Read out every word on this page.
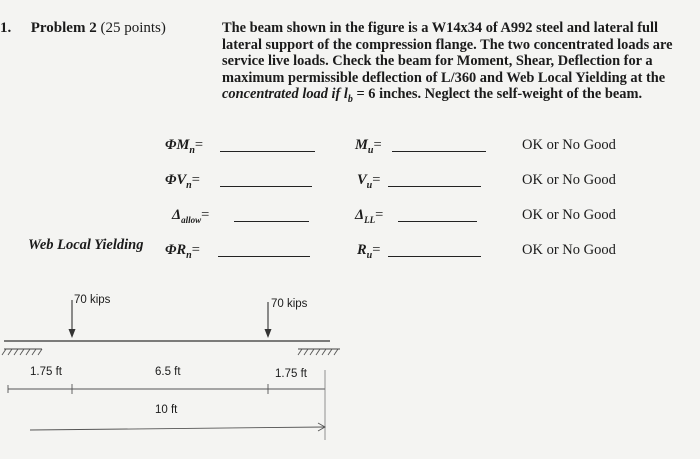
1. Problem 2 (25 points)	The beam shown in the figure is a W14x34 of A992 steel and lateral full
lateral support of the compression flange. The two concentrated loads are
service live loads. Check the beam for Moment, Shear, Deflection for a
maximum permissible deflection of L/360 and Web Local Yielding at the
concentrated load if $l_b = 6$ inches. Neglect the self-weight of the beam.
$\Phi M_n=$	$M_u=$	OK or No Good
$\Phi V_n=$	$V_u=$	OK or No Good
$\Delta_{allow}=$	$\Delta_{LL}=$	OK or No Good
Web Local Yielding $\Phi R_n=$	$R_u=$	OK or No Good
70 kips	70 kips
1.75 ft	6.5 ft	1.75 ft
10 ft
